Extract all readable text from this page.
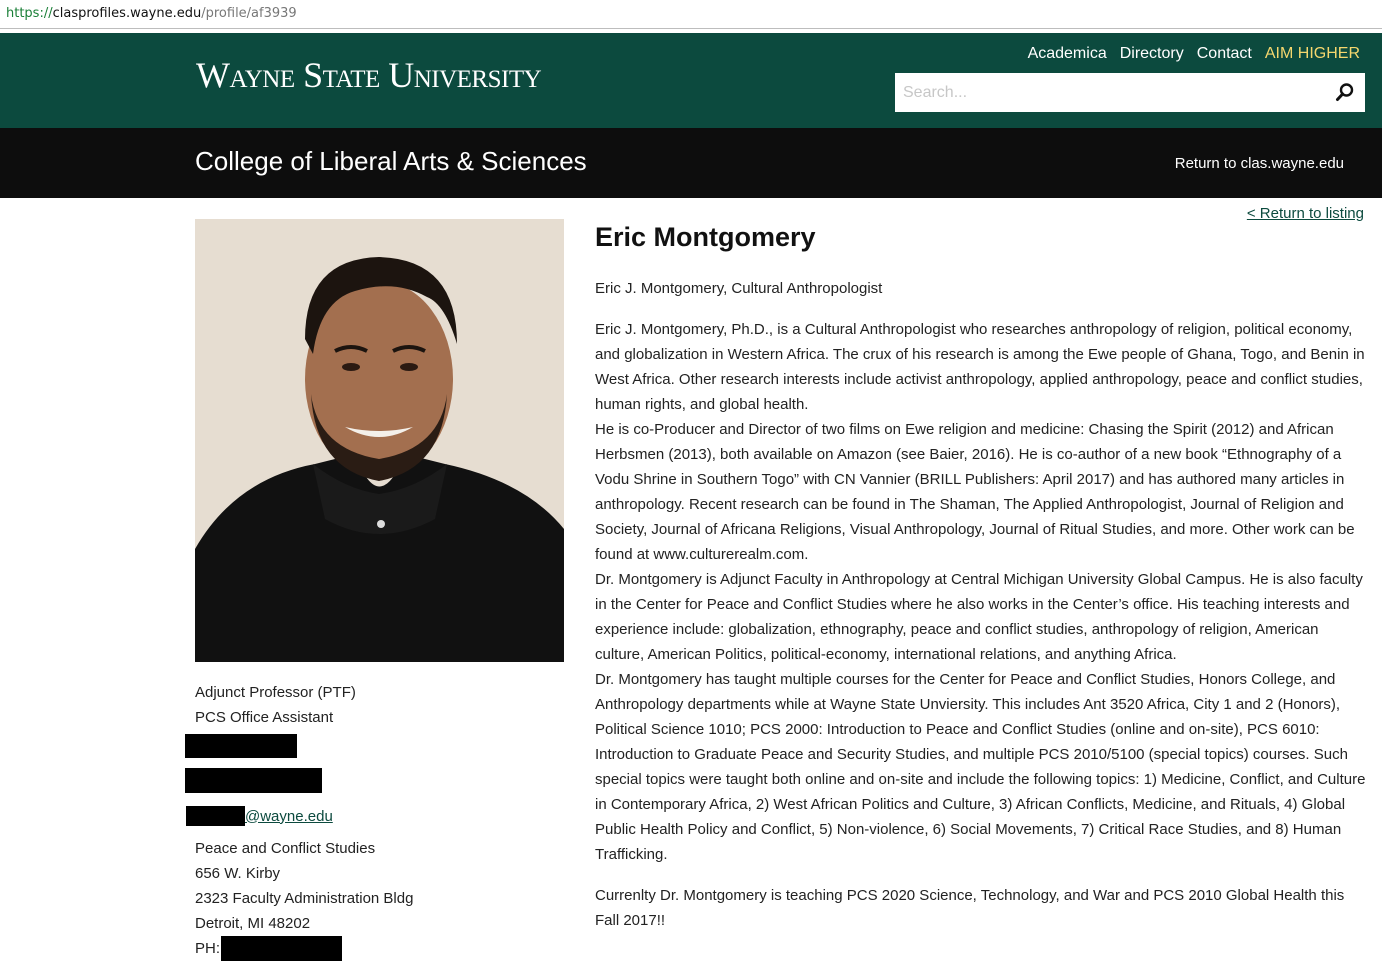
https://clasprofiles.wayne.edu/profile/af3939
Wayne State University
Academica Directory Contact AIM HIGHER
Search...
College of Liberal Arts & Sciences	Return to clas.wayne.edu
Adjunct Professor (PTF)
PCS Office Assistant
@wayne.edu
Peace and Conflict Studies
656 W. Kirby
2323 Faculty Administration Bldg
Detroit, MI 48202
PH:
< Return to listing
Eric Montgomery

Eric J. Montgomery, Cultural Anthropologist

Eric J. Montgomery, Ph.D., is a Cultural Anthropologist who researches anthropology of religion, political economy, and globalization in Western Africa. The crux of his research is among the Ewe people of Ghana, Togo, and Benin in West Africa. Other research interests include activist anthropology, applied anthropology, peace and conflict studies, human rights, and global health.
He is co-Producer and Director of two films on Ewe religion and medicine: Chasing the Spirit (2012) and African Herbsmen (2013), both available on Amazon (see Baier, 2016). He is co-author of a new book “Ethnography of a Vodu Shrine in Southern Togo” with CN Vannier (BRILL Publishers: April 2017) and has authored many articles in anthropology. Recent research can be found in The Shaman, The Applied Anthropologist, Journal of Religion and Society, Journal of Africana Religions, Visual Anthropology, Journal of Ritual Studies, and more. Other work can be found at www.culturerealm.com.
Dr. Montgomery is Adjunct Faculty in Anthropology at Central Michigan University Global Campus. He is also faculty in the Center for Peace and Conflict Studies where he also works in the Center’s office. His teaching interests and experience include: globalization, ethnography, peace and conflict studies, anthropology of religion, American culture, American Politics, political-economy, international relations, and anything Africa.
Dr. Montgomery has taught multiple courses for the Center for Peace and Conflict Studies, Honors College, and Anthropology departments while at Wayne State Unviersity. This includes Ant 3520 Africa, City 1 and 2 (Honors), Political Science 1010; PCS 2000: Introduction to Peace and Conflict Studies (online and on-site), PCS 6010: Introduction to Graduate Peace and Security Studies, and multiple PCS 2010/5100 (special topics) courses. Such special topics were taught both online and on-site and include the following topics: 1) Medicine, Conflict, and Culture in Contemporary Africa, 2) West African Politics and Culture, 3) African Conflicts, Medicine, and Rituals, 4) Global Public Health Policy and Conflict, 5) Non-violence, 6) Social Movements, 7) Critical Race Studies, and 8) Human Trafficking.

Currenlty Dr. Montgomery is teaching PCS 2020 Science, Technology, and War and PCS 2010 Global Health this Fall 2017!!
